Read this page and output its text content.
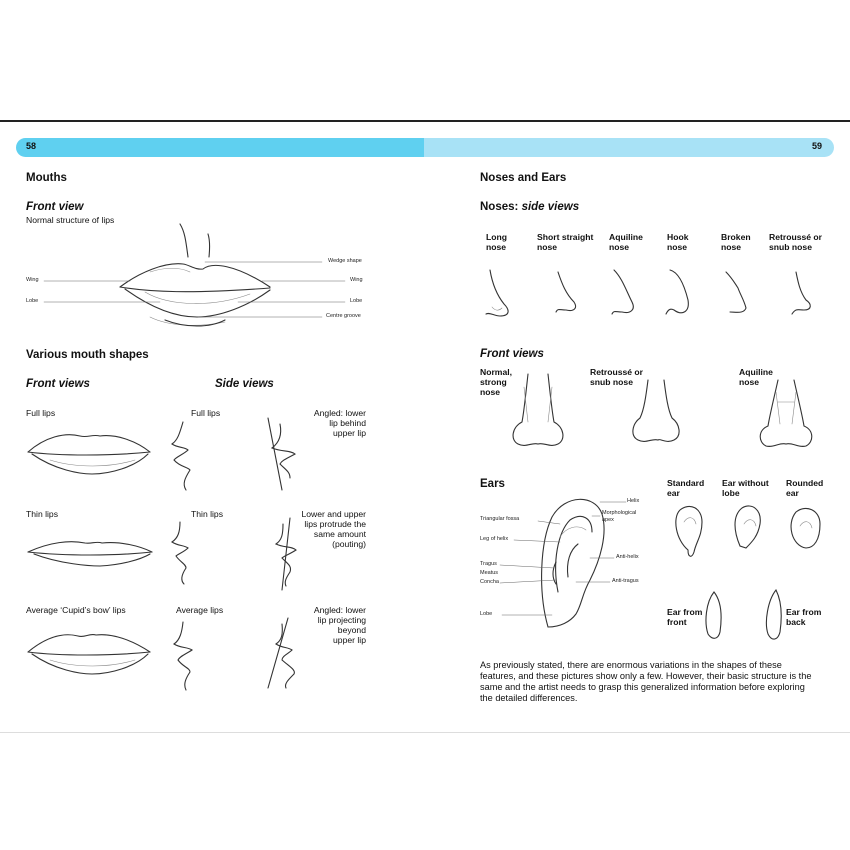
58	59
Mouths
Front view
Normal structure of lips
Wing
Lobe
Wedge shape
Wing
Lobe
Centre groove
Various mouth shapes
Front views	Side views
Full lips	Full lips	Angled: lower
lip behind
upper lip
Thin lips	Thin lips	Lower and upper
lips protrude the
same amount
(pouting)
Average ‘Cupid’s bow’ lips	Average lips	Angled: lower
lip projecting
beyond
upper lip
Noses and Ears
Noses: side views
Long
nose
Short straight
nose
Aquiline
nose
Hook
nose
Broken
nose
Retroussé or
snub nose
Front views
Normal,
strong
nose
Retroussé or
snub nose
Aquiline
nose
Ears
Triangular fossa
Leg of helix
Tragus
Meatus
Concha
Lobe
Helix
Morphological
apex
Anti-helix
Anti-tragus
Standard
ear
Ear without
lobe
Rounded
ear
Ear from
front
Ear from
back
As previously stated, there are enormous variations in the shapes of these features, and these pictures show only a few. However, their basic structure is the same and the artist needs to grasp this generalized information before exploring the detailed differences.
